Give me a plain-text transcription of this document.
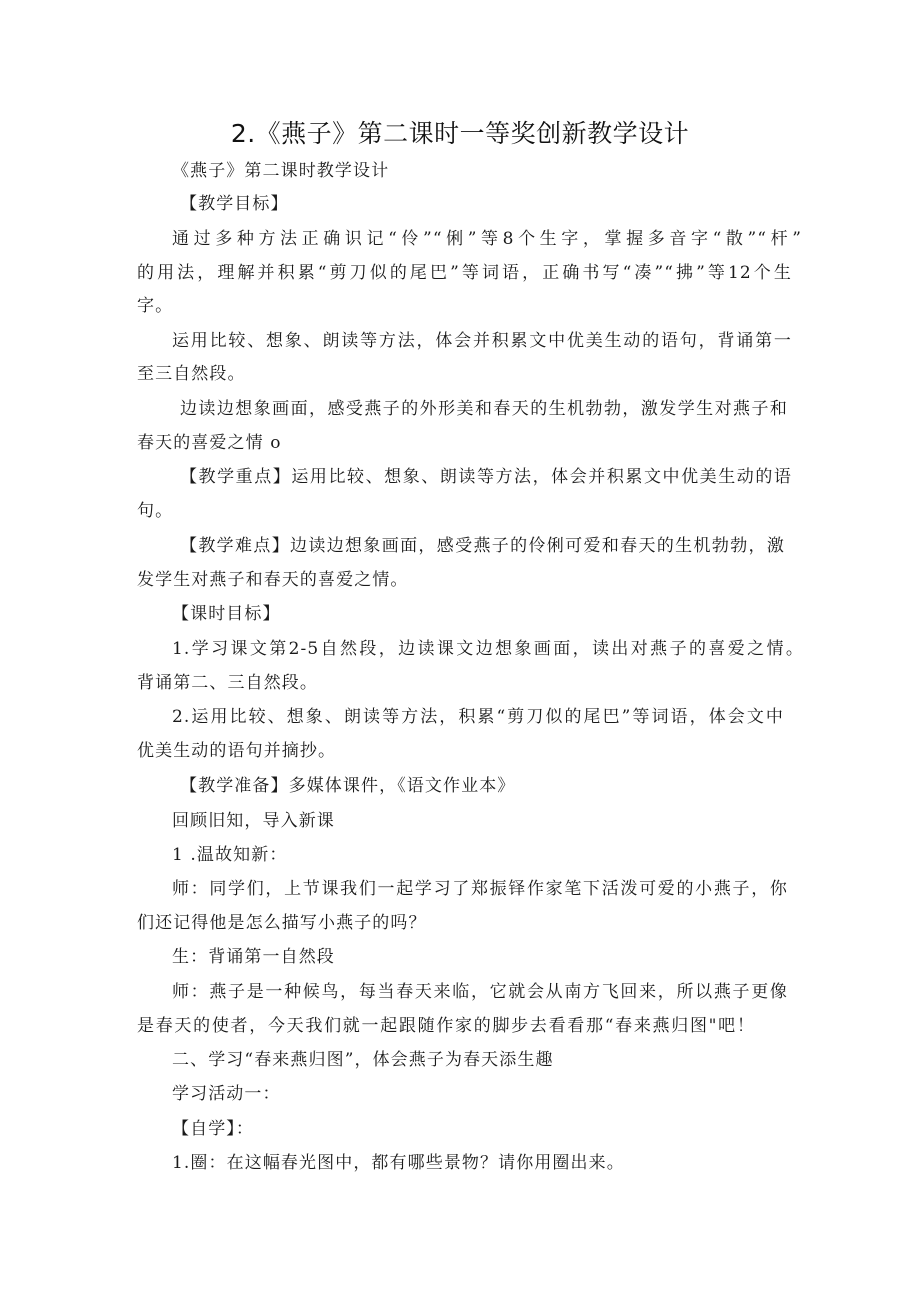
2.《燕子》第二课时一等奖创新教学设计
《燕子》第二课时教学设计
【教学目标】
通过多种方法正确识记“伶”“俐”等8个生字，掌握多音字“散”“杆”
的用法，理解并积累“剪刀似的尾巴”等词语，正确书写“凑”“拂”等12个生
字。
运用比较、想象、朗读等方法，体会并积累文中优美生动的语句，背诵第一
至三自然段。
边读边想象画面，感受燕子的外形美和春天的生机勃勃，激发学生对燕子和
春天的喜爱之情 o
【教学重点】运用比较、想象、朗读等方法，体会并积累文中优美生动的语
句。
【教学难点】边读边想象画面，感受燕子的伶俐可爱和春天的生机勃勃，激
发学生对燕子和春天的喜爱之情。
【课时目标】
1.学习课文第2-5自然段，边读课文边想象画面，读出对燕子的喜爱之情。
背诵第二、三自然段。
2.运用比较、想象、朗读等方法，积累“剪刀似的尾巴”等词语，体会文中
优美生动的语句并摘抄。
【教学准备】多媒体课件，《语文作业本》
回顾旧知，导入新课
1 .温故知新：
师：同学们，上节课我们一起学习了郑振铎作家笔下活泼可爱的小燕子，你
们还记得他是怎么描写小燕子的吗？
生：背诵第一自然段
师：燕子是一种候鸟，每当春天来临，它就会从南方飞回来，所以燕子更像
是春天的使者，今天我们就一起跟随作家的脚步去看看那“春来燕归图"吧！
二、学习“春来燕归图”，体会燕子为春天添生趣
学习活动一：
【自学】：
1.圈：在这幅春光图中，都有哪些景物？请你用圈出来。
